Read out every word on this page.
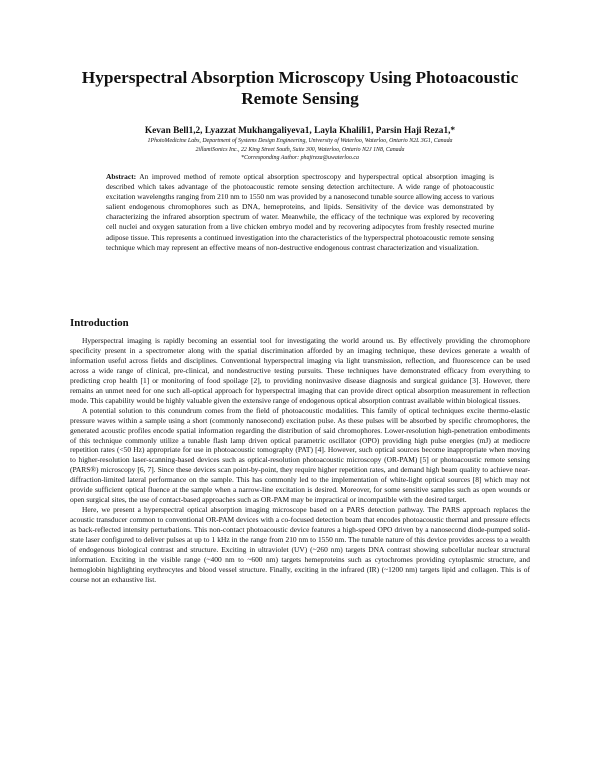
Hyperspectral Absorption Microscopy Using Photoacoustic Remote Sensing
Kevan Bell1,2, Lyazzat Mukhangaliyeva1, Layla Khalili1, Parsin Haji Reza1,*
1PhotoMedicine Labs, Department of Systems Design Engineering, University of Waterloo, Waterloo, Ontario N2L 3G1, Canada
2illumiSonics Inc., 22 King Street South, Suite 300, Waterloo, Ontario N2J 1N8, Canada
*Corresponding Author: phajireza@uwaterloo.ca

Abstract: An improved method of remote optical absorption spectroscopy and hyperspectral optical absorption imaging is described which takes advantage of the photoacoustic remote sensing detection architecture. A wide range of photoacoustic excitation wavelengths ranging from 210 nm to 1550 nm was provided by a nanosecond tunable source allowing access to various salient endogenous chromophores such as DNA, hemeproteins, and lipids. Sensitivity of the device was demonstrated by characterizing the infrared absorption spectrum of water. Meanwhile, the efficacy of the technique was explored by recovering cell nuclei and oxygen saturation from a live chicken embryo model and by recovering adipocytes from freshly resected murine adipose tissue. This represents a continued investigation into the characteristics of the hyperspectral photoacoustic remote sensing technique which may represent an effective means of non-destructive endogenous contrast characterization and visualization.

Introduction

Hyperspectral imaging is rapidly becoming an essential tool for investigating the world around us. By effectively providing the chromophore specificity present in a spectrometer along with the spatial discrimination afforded by an imaging technique, these devices generate a wealth of information useful across fields and disciplines. Conventional hyperspectral imaging via light transmission, reflection, and fluorescence can be used across a wide range of clinical, pre-clinical, and nondestructive testing pursuits. These techniques have demonstrated efficacy from everything to predicting crop health [1] or monitoring of food spoilage [2], to providing noninvasive disease diagnosis and surgical guidance [3]. However, there remains an unmet need for one such all-optical approach for hyperspectral imaging that can provide direct optical absorption measurement in reflection mode. This capability would be highly valuable given the extensive range of endogenous optical absorption contrast available within biological tissues.

A potential solution to this conundrum comes from the field of photoacoustic modalities. This family of optical techniques excite thermo-elastic pressure waves within a sample using a short (commonly nanosecond) excitation pulse. As these pulses will be absorbed by specific chromophores, the generated acoustic profiles encode spatial information regarding the distribution of said chromophores. Lower-resolution high-penetration embodiments of this technique commonly utilize a tunable flash lamp driven optical parametric oscillator (OPO) providing high pulse energies (mJ) at mediocre repetition rates (<50 Hz) appropriate for use in photoacoustic tomography (PAT) [4]. However, such optical sources become inappropriate when moving to higher-resolution laser-scanning-based devices such as optical-resolution photoacoustic microscopy (OR-PAM) [5] or photoacoustic remote sensing (PARS®) microscopy [6, 7]. Since these devices scan point-by-point, they require higher repetition rates, and demand high beam quality to achieve near-diffraction-limited lateral performance on the sample. This has commonly led to the implementation of white-light optical sources [8] which may not provide sufficient optical fluence at the sample when a narrow-line excitation is desired. Moreover, for some sensitive samples such as open wounds or open surgical sites, the use of contact-based approaches such as OR-PAM may be impractical or incompatible with the desired target.

Here, we present a hyperspectral optical absorption imaging microscope based on a PARS detection pathway. The PARS approach replaces the acoustic transducer common to conventional OR-PAM devices with a co-focused detection beam that encodes photoacoustic thermal and pressure effects as back-reflected intensity perturbations. This non-contact photoacoustic device features a high-speed OPO driven by a nanosecond diode-pumped solid-state laser configured to deliver pulses at up to 1 kHz in the range from 210 nm to 1550 nm. The tunable nature of this device provides access to a wealth of endogenous biological contrast and structure. Exciting in ultraviolet (UV) (~260 nm) targets DNA contrast showing subcellular nuclear structural information. Exciting in the visible range (~400 nm to ~600 nm) targets hemeproteins such as cytochromes providing cytoplasmic structure, and hemoglobin highlighting erythrocytes and blood vessel structure. Finally, exciting in the infrared (IR) (~1200 nm) targets lipid and collagen. This is of course not an exhaustive list.
